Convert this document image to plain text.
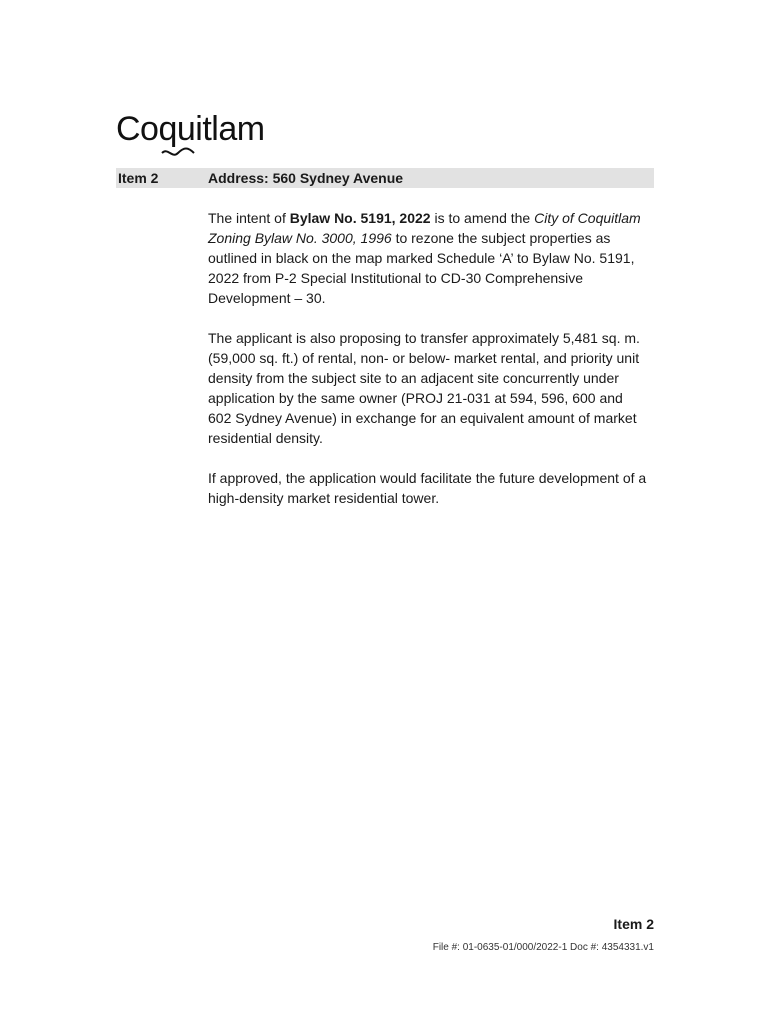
Coquitlam
Item 2	Address: 560 Sydney Avenue

The intent of Bylaw No. 5191, 2022 is to amend the City of Coquitlam Zoning Bylaw No. 3000, 1996 to rezone the subject properties as outlined in black on the map marked Schedule ‘A’ to Bylaw No. 5191, 2022 from P-2 Special Institutional to CD-30 Comprehensive Development – 30.

The applicant is also proposing to transfer approximately 5,481 sq. m. (59,000 sq. ft.) of rental, non- or below- market rental, and priority unit density from the subject site to an adjacent site concurrently under application by the same owner (PROJ 21-031 at 594, 596, 600 and 602 Sydney Avenue) in exchange for an equivalent amount of market residential density.

If approved, the application would facilitate the future development of a high-density market residential tower.

Item 2
File #: 01-0635-01/000/2022-1 Doc #: 4354331.v1
